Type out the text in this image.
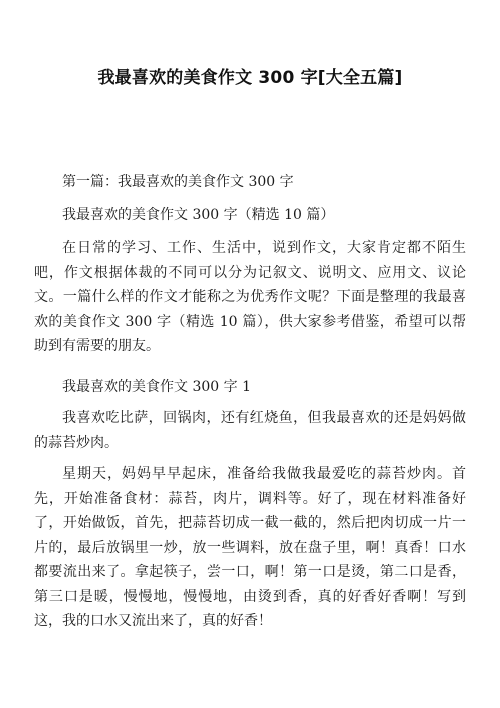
我最喜欢的美食作文 300 字[大全五篇]

第一篇：我最喜欢的美食作文 300 字

我最喜欢的美食作文 300 字（精选 10 篇）

在日常的学习、工作、生活中，说到作文，大家肯定都不陌生吧，作文根据体裁的不同可以分为记叙文、说明文、应用文、议论文。一篇什么样的作文才能称之为优秀作文呢？下面是整理的我最喜欢的美食作文 300 字（精选 10 篇），供大家参考借鉴，希望可以帮助到有需要的朋友。

我最喜欢的美食作文 300 字 1

我喜欢吃比萨，回锅肉，还有红烧鱼，但我最喜欢的还是妈妈做的蒜苔炒肉。

星期天，妈妈早早起床，准备给我做我最爱吃的蒜苔炒肉。首先，开始准备食材：蒜苔，肉片，调料等。好了，现在材料准备好了，开始做饭，首先，把蒜苔切成一截一截的，然后把肉切成一片一片的，最后放锅里一炒，放一些调料，放在盘子里，啊！真香！口水都要流出来了。拿起筷子，尝一口，啊！第一口是烫，第二口是香，第三口是暖，慢慢地，慢慢地，由烫到香，真的好香好香啊！写到这，我的口水又流出来了，真的好香！
